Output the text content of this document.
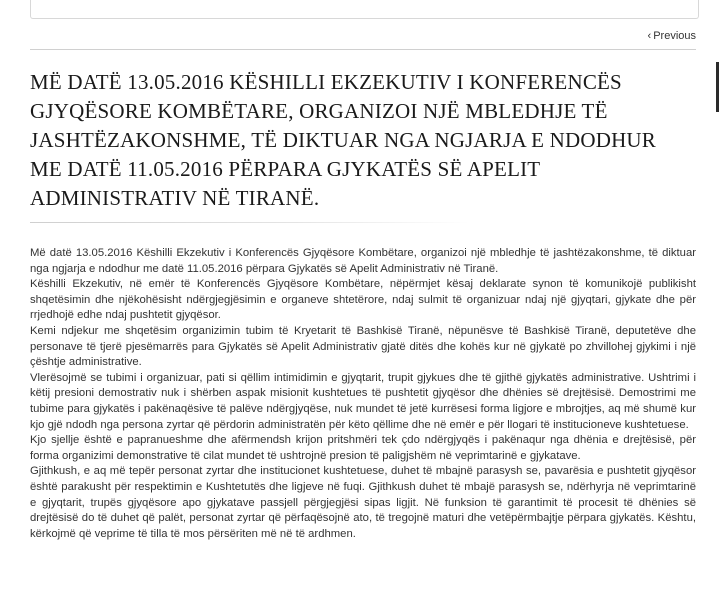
‹ Previous
MË DATË 13.05.2016 KËSHILLI EKZEKUTIV I KONFERENCËS GJYQËSORE KOMBËTARE, ORGANIZOI NJË MBLEDHJE TË JASHTËZAKONSHME, TË DIKTUAR NGA NGJARJA E NDODHUR ME DATË 11.05.2016 PËRPARA GJYKATËS SË APELIT ADMINISTRATIV NË TIRANË.

Më datë 13.05.2016 Këshilli Ekzekutiv i Konferencës Gjyqësore Kombëtare, organizoi një mbledhje të jashtëzakonshme, të diktuar nga ngjarja e ndodhur me datë 11.05.2016 përpara Gjykatës së Apelit Administrativ në Tiranë.

Këshilli Ekzekutiv, në emër të Konferencës Gjyqësore Kombëtare, nëpërmjet kësaj deklarate synon të komunikojë publikisht shqetësimin dhe njëkohësisht ndërgjegjësimin e organeve shtetërore, ndaj sulmit të organizuar ndaj një gjyqtari, gjykate dhe për rrjedhojë edhe ndaj pushtetit gjyqësor.

Kemi ndjekur me shqetësim organizimin tubim të Kryetarit të Bashkisë Tiranë, nëpunësve të Bashkisë Tiranë, deputetëve dhe personave të tjerë pjesëmarrës para Gjykatës së Apelit Administrativ gjatë ditës dhe kohës kur në gjykatë po zhvillohej gjykimi i një çështje administrative.

Vlerësojmë se tubimi i organizuar, pati si qëllim intimidimin e gjyqtarit, trupit gjykues dhe të gjithë gjykatës administrative. Ushtrimi i këtij presioni demostrativ nuk i shërben aspak misionit kushtetues të pushtetit gjyqësor dhe dhënies së drejtësisë. Demostrimi me tubime para gjykatës i pakënaqësive të palëve ndërgjyqëse, nuk mundet të jetë kurrësesi forma ligjore e mbrojtjes, aq më shumë kur kjo gjë ndodh nga persona zyrtar që përdorin administratën për këto qëllime dhe në emër e për llogari të institucioneve kushtetuese.

Kjo sjellje është e papranueshme dhe afërmendsh krijon pritshmëri tek çdo ndërgjyqës i pakënaqur nga dhënia e drejtësisë, për forma organizimi demonstrative të cilat mundet të ushtrojnë presion të paligjshëm në veprimtarinë e gjykatave.

Gjithkush, e aq më tepër personat zyrtar dhe institucionet kushtetuese, duhet të mbajnë parasysh se, pavarësia e pushtetit gjyqësor është parakusht për respektimin e Kushtetutës dhe ligjeve në fuqi. Gjithkush duhet të mbajë parasysh se, ndërhyrja në veprimtarinë e gjyqtarit, trupës gjyqësore apo gjykatave passjell përgjegjësi sipas ligjit. Në funksion të garantimit të procesit të dhënies së drejtësisë do të duhet që palët, personat zyrtar që përfaqësojnë ato, të tregojnë maturi dhe vetëpërmbajtje përpara gjykatës. Kështu, kërkojmë që veprime të tilla të mos përsëriten më në të ardhmen.
